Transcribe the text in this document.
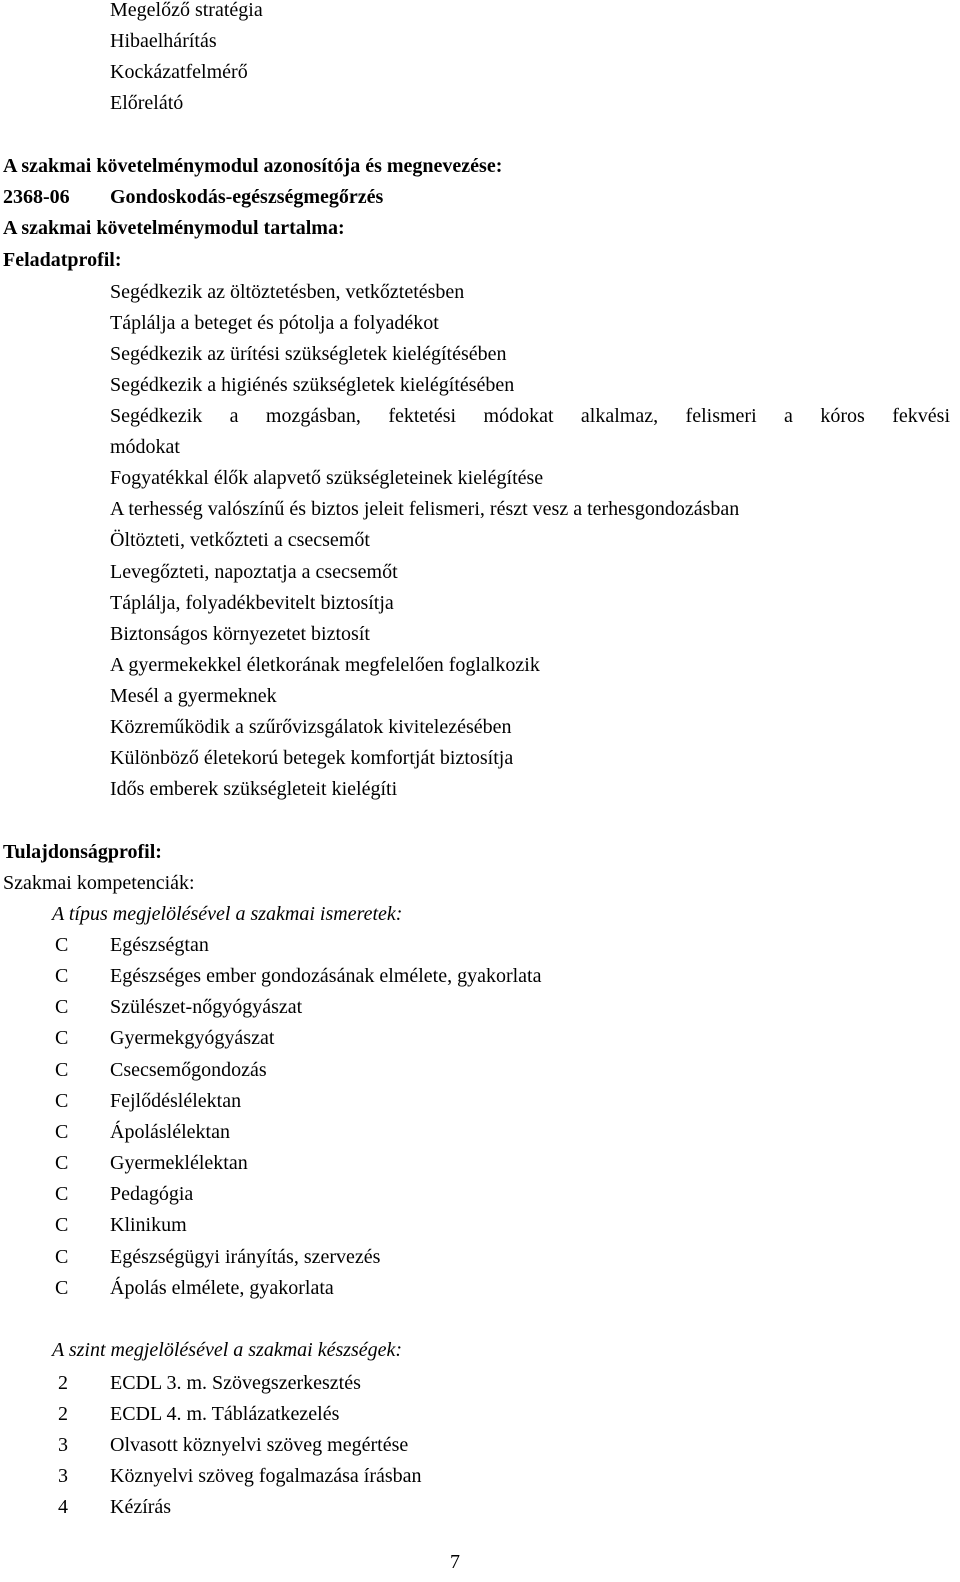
Megelőző stratégia
Hibaelhárítás
Kockázatfelmérő
Előrelátó
A szakmai követelménymodul azonosítója és megnevezése:
2368-06 Gondoskodás-egészségmegőrzés
A szakmai követelménymodul tartalma:
Feladatprofil:
Segédkezik az öltöztetésben, vetkőztetésben
Táplálja a beteget és pótolja a folyadékot
Segédkezik az ürítési szükségletek kielégítésében
Segédkezik a higiénés szükségletek kielégítésében
Segédkezik a mozgásban, fektetési módokat alkalmaz, felismeri a kóros fekvési
módokat
Fogyatékkal élők alapvető szükségleteinek kielégítése
A terhesség valószínű és biztos jeleit felismeri, részt vesz a terhesgondozásban
Öltözteti, vetkőzteti a csecsemőt
Levegőzteti, napoztatja a csecsemőt
Táplálja, folyadékbevitelt biztosítja
Biztonságos környezetet biztosít
A gyermekekkel életkorának megfelelően foglalkozik
Mesél a gyermeknek
Közreműködik a szűrővizsgálatok kivitelezésében
Különböző életekorú betegek komfortját biztosítja
Idős emberek szükségleteit kielégíti
Tulajdonságprofil:
Szakmai kompetenciák:
A típus megjelölésével a szakmai ismeretek:
C Egészségtan
C Egészséges ember gondozásának elmélete, gyakorlata
C Szülészet-nőgyógyászat
C Gyermekgyógyászat
C Csecsemőgondozás
C Fejlődéslélektan
C Ápoláslélektan
C Gyermeklélektan
C Pedagógia
C Klinikum
C Egészségügyi irányítás, szervezés
C Ápolás elmélete, gyakorlata
A szint megjelölésével a szakmai készségek:
2 ECDL 3. m. Szövegszerkesztés
2 ECDL 4. m. Táblázatkezelés
3 Olvasott köznyelvi szöveg megértése
3 Köznyelvi szöveg fogalmazása írásban
4 Kézírás
7
